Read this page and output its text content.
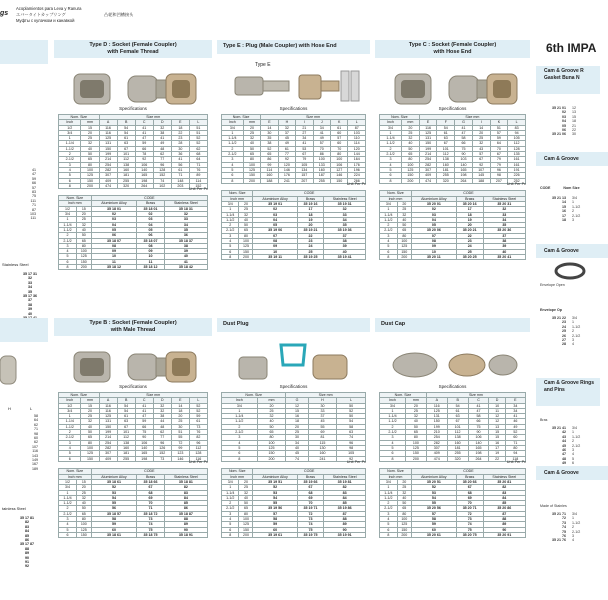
gs
Acoplamientos para Leva y Ranura
エバータイトカップリング
Муфты с кулачком и канавкой
凸轮和凹槽接头
41
47
59
66
57
83
75
111
71
87
103
111
Stainless Steel
35 17 31
32
33
34
35
35 17 36
37
38
39
40
H	L
58
64
62
71
98
60
62
107
116
143
149
167
189
tainless Steel
35 17 81
82
83
84
85
86
35 17 87
88
89
90
91
92
Type D : Socket (Female Coupler)
with Female Thread
Specifications
Nom. Size		Size mm					
Inch	mm	A	B	C	D	E	L
1/2	15	116	54	41	32	18	51
3/4	20	116	54	41	38	22	51
1	25	125	61	47	41	23	52
1-1/4	32	131	63	59	49	28	52
1-1/2	40	150	67	66	48	30	62
2	50	199	101	78	62	36	68
2-1/2	65	214	112	92	77	41	64
3	80	254	138	106	96	56	71
4	100	282	160	140	128	61	76
5	125	307	181	165	152	71	89
6	150	409	255	198	74	148	114
8	200	474	320	264	102	203	152
Unit Per Pc
Nom. Size		CODE		
Inch mm		Aluminium Alloy	Brass	Stainless Steel
1/2	15	35 18 01	35 18 01	35 18 31
3/4	20	02	02	32
1	25	03	03	33
1-1/4	32	04	04	34
1-1/2	40	05	05	35
2	50	06	06	36
2-1/2	65	35 18 07	35 18 07	35 18 37
3	80	08	08	38
4	100	09	09	39
5	125	10	10	40
6	150	11	11	41
8	200	35 18 12	35 18 12	35 18 42
Type E : Plug (Male Coupler) with Hose End
Type E
Specifications
Nom. Size		Size mm					
Inch	mm	E	H	I	J	K	L
3/4	20	14	32	21	34	61	87
1	25	30	37	27	41	60	103
1-1/4	32	35	45	34	49	57	110
1-1/2	40	38	49	41	57	60	114
2	50	52	61	53	70	70	120
2-1/2	65	65	77	67	86	80	144
3	80	86	92	79	100	100	164
4	100	99	120	105	133	106	176
5	125	114	146	134	160	127	196
6	150	160	176	157	187	146	224
8	200	188	241	207	255	150	266
Unit Per Pc
Nom. Size		CODE		
Inch mm		Aluminium Alloy	Brass	Stainless Steel
3/4	20	35 19 01	35 19 16	35 19 31
1	25	02	17	32
1-1/4	32	03	18	33
1-1/2	40	04	19	34
2	50	05	20	35
2-1/2	65	35 19 06	35 19 21	35 19 36
3	80	07	22	37
4	100	08	23	38
5	125	09	24	39
6	150	10	25	40
8	200	35 19 11	35 19 25	35 19 41
Type C : Socket (Female Coupler)
with Hose End
Specifications
Nom. Size		Size mm					
Inch	mm	E	F	G	I	K	L
3/4	20	116	54	41	14	51	83
1	25	125	61	47	20	57	94
1-1/4	32	131	63	58	25	59	105
1-1/2	40	150	67	66	32	64	112
2	50	199	101	75	43	70	128
2-1/2	65	214	112	90	57	67	135
3	80	254	138	103	67	79	161
4	100	282	160	140	92	79	161
5	125	307	181	165	107	96	191
6	150	409	255	198	145	98	226
8	200	474	320	264	188	207	252
Unit Per Pc
Nom. Size		CODE		
Inch mm		Aluminium Alloy	Brass	Stainless Steel
3/4	20	35 20 01	35 20 16	35 20 31
1	25	02	17	32
1-1/4	32	03	18	33
1-1/2	40	04	19	34
2	50	05	20	35
2-1/2	65	35 20 06	35 20 21	35 20 36
3	80	07	22	37
4	100	08	23	38
5	125	09	24	39
6	150	10	25	40
8	200	35 20 11	35 20 25	35 20 41
Type B : Socket (Female Coupler)
with Male Thread
Specifications
Nom. Size		Size mm					
Inch	mm	A	B	C	D	E	L
1/2	15	116	54	41	32	14	52
3/4	20	116	54	41	32	18	52
1	25	125	61	47	38	20	59
1-1/4	32	131	63	59	44	25	61
1-1/2	40	150	67	66	48	30	73
2	50	199	101	75	62	51	76
2-1/2	65	214	112	90	77	55	82
3	80	254	138	106	96	72	96
4	100	282	160	140	126	99	112
5	125	307	181	165	152	123	128
6	150	409	255	198	73	146	116
Unit Per Pc
Nom. Size		CODE		
Inch mm		Aluminium Alloy	Brass	Stainless Steel
1/2	15	35 18 61	35 18 66	35 18 81
3/4	20	52	67	82
1	25	53	68	83
1-1/4	32	54	69	84
1-1/2	40	55	70	85
2	50	56	71	86
2-1/2	65	35 18 57	35 18 72	35 18 87
3	80	58	73	88
4	100	59	74	89
5	125	60	75	90
6	150	35 18 61	35 18 75	35 18 91
Dust Plug
Specifications
Nom. Size		Size mm		
Inch	mm	G	H	L
3/4	20	12	30	50
1	25	15	33	52
1-1/4	32	16	37	50
1-1/2	40	18	45	54
2	50	20	55	58
2-1/2	65	25	69	63
3	80	30	81	74
4	100	34	115	96
5	125	40	130	98
6	150	45	160	105
8	200	74	241	92
Unit Per Pc
Nom. Size		CODE		
Inch mm		Aluminium Alloy	Brass	Stainless Steel
3/4	20	35 19 51	35 19 66	35 19 81
1	25	52	67	82
1-1/4	32	53	68	83
1-1/2	40	54	69	84
2	50	55	70	85
2-1/2	65	35 19 56	35 19 71	35 19 86
3	80	57	72	87
4	100	58	73	88
5	125	59	74	89
6	150	60	75	90
8	200	35 19 61	35 19 75	35 19 91
Dust Cap
Specifications
Nom. Size		Size mm				
Inch	mm	A	B	C	D	E
3/4	20	116	54	41	10	34
1	25	125	61	47	11	34
1-1/4	32	131	63	58	12	41
1-1/2	40	150	67	66	12	46
2	50	199	101	75	13	49
2-1/2	65	210	112	90	15	52
3	80	254	138	106	15	60
4	100	282	160	140	16	71
5	125	307	181	165	17	80
6	150	409	255	198	19	94
8	200	474	320	264	22	118
Unit Per Pc
Nom. Size		CODE		
Inch mm		Aluminium Alloy	Brass	Stainless Steel
3/4	20	35 20 51	35 20 66	35 20 81
1	25	52	67	82
1-1/4	32	53	68	83
1-1/2	40	54	69	84
2	50	55	70	85
2-1/2	65	35 20 56	35 20 71	35 20 86
3	80	57	72	87
4	100	58	73	88
5	125	59	74	89
6	150	60	75	90
8	200	35 20 61	35 20 75	35 20 91
6th IMPA
Cam & Groove R Gasket Buna N
35 21 01 12
02 13
03 15
04 18
05 21
06 22
35 21 06 30
Cam & Groove
CODE	Nom Size
35 21 13 3/4
14 1
15 1-1/2
16 2
17 2-1/2
18 3
Cam & Groove
Envelope Open
Envelope Op
35 21 22 3/4
23 1
24 1-1/2
25 2
26 2-1/2
27 3
28 4
Cam & Groove Rings and Pins
Bras
35 21 41 3/4
42 1
43 1-1/2
44 2
45 2-1/2
46 3
47 4
48 5
49 6
Cam & Groove
Made of Stainles
35 21 71 3/4
72 1
73 1-1/2
74 2
75 2-1/2
76 3
35 21 76 4
